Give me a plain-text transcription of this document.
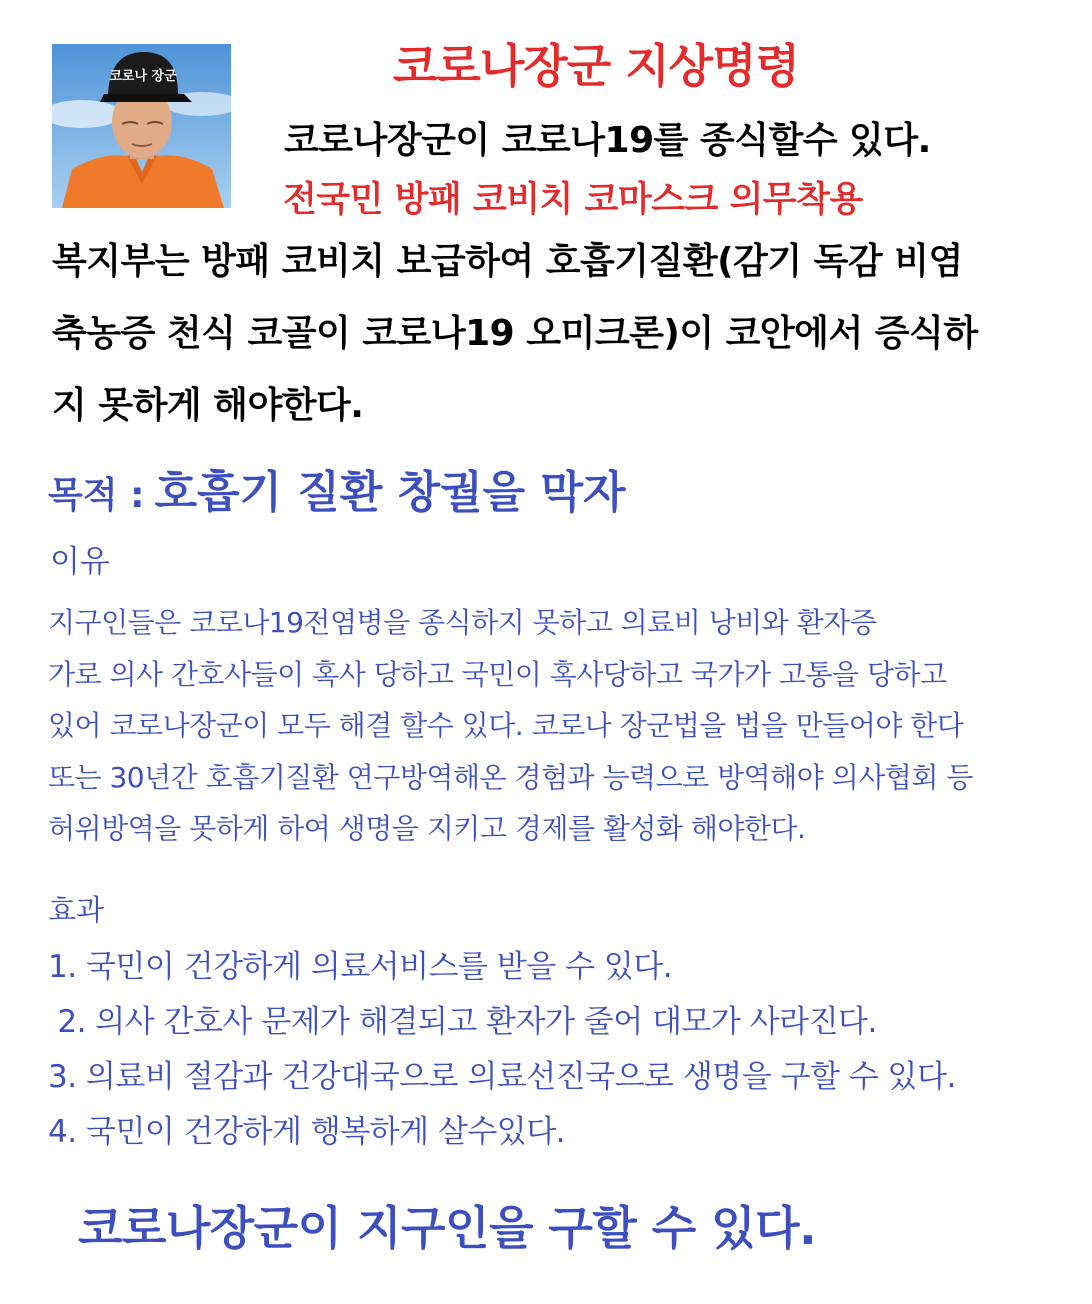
코로나 장군	코로나장군 지상명령
코로나장군이 코로나19를 종식할수 있다.
전국민 방패 코비치 코마스크 의무착용
복지부는 방패 코비치 보급하여 호흡기질환(감기 독감 비염
축농증 천식 코골이 코로나19 오미크론)이 코안에서 증식하
지 못하게 해야한다.
목적 : 호흡기 질환 창궐을 막자
이유
지구인들은 코로나19전염병을 종식하지 못하고 의료비 낭비와 환자증
가로 의사 간호사들이 혹사 당하고 국민이 혹사당하고 국가가 고통을 당하고
있어 코로나장군이 모두 해결 할수 있다. 코로나 장군법을 법을 만들어야 한다
또는 30년간 호흡기질환 연구방역해온 경험과 능력으로 방역해야 의사협회 등
허위방역을 못하게 하여 생명을 지키고 경제를 활성화 해야한다.
효과
1. 국민이 건강하게 의료서비스를 받을 수 있다.
2. 의사 간호사 문제가 해결되고 환자가 줄어 대모가 사라진다.
3. 의료비 절감과 건강대국으로 의료선진국으로 생명을 구할 수 있다.
4. 국민이 건강하게 행복하게 살수있다.
코로나장군이 지구인을 구할 수 있다.
